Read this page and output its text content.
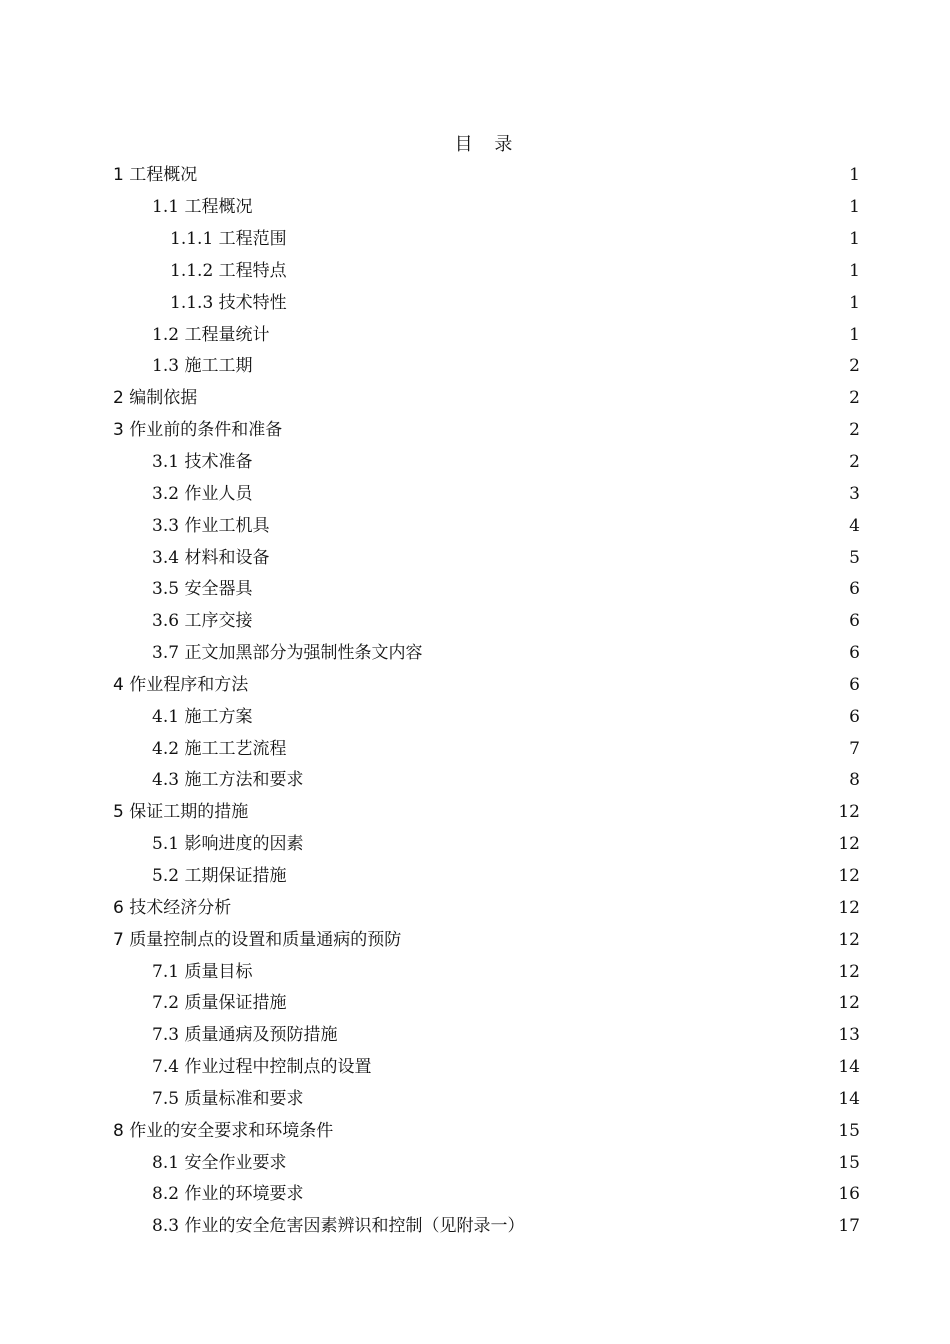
目 录
1 工程概况	1
1.1 工程概况	1
1.1.1 工程范围	1
1.1.2 工程特点	1
1.1.3 技术特性	1
1.2 工程量统计	1
1.3 施工工期	2
2 编制依据	2
3 作业前的条件和准备	2
3.1 技术准备	2
3.2 作业人员	3
3.3 作业工机具	4
3.4 材料和设备	5
3.5 安全器具	6
3.6 工序交接	6
3.7 正文加黑部分为强制性条文内容	6
4 作业程序和方法	6
4.1 施工方案	6
4.2 施工工艺流程	7
4.3 施工方法和要求	8
5 保证工期的措施	12
5.1 影响进度的因素	12
5.2 工期保证措施	12
6 技术经济分析	12
7 质量控制点的设置和质量通病的预防	12
7.1 质量目标	12
7.2 质量保证措施	12
7.3 质量通病及预防措施	13
7.4 作业过程中控制点的设置	14
7.5 质量标准和要求	14
8 作业的安全要求和环境条件	15
8.1 安全作业要求	15
8.2 作业的环境要求	16
8.3 作业的安全危害因素辨识和控制（见附录一）	17
